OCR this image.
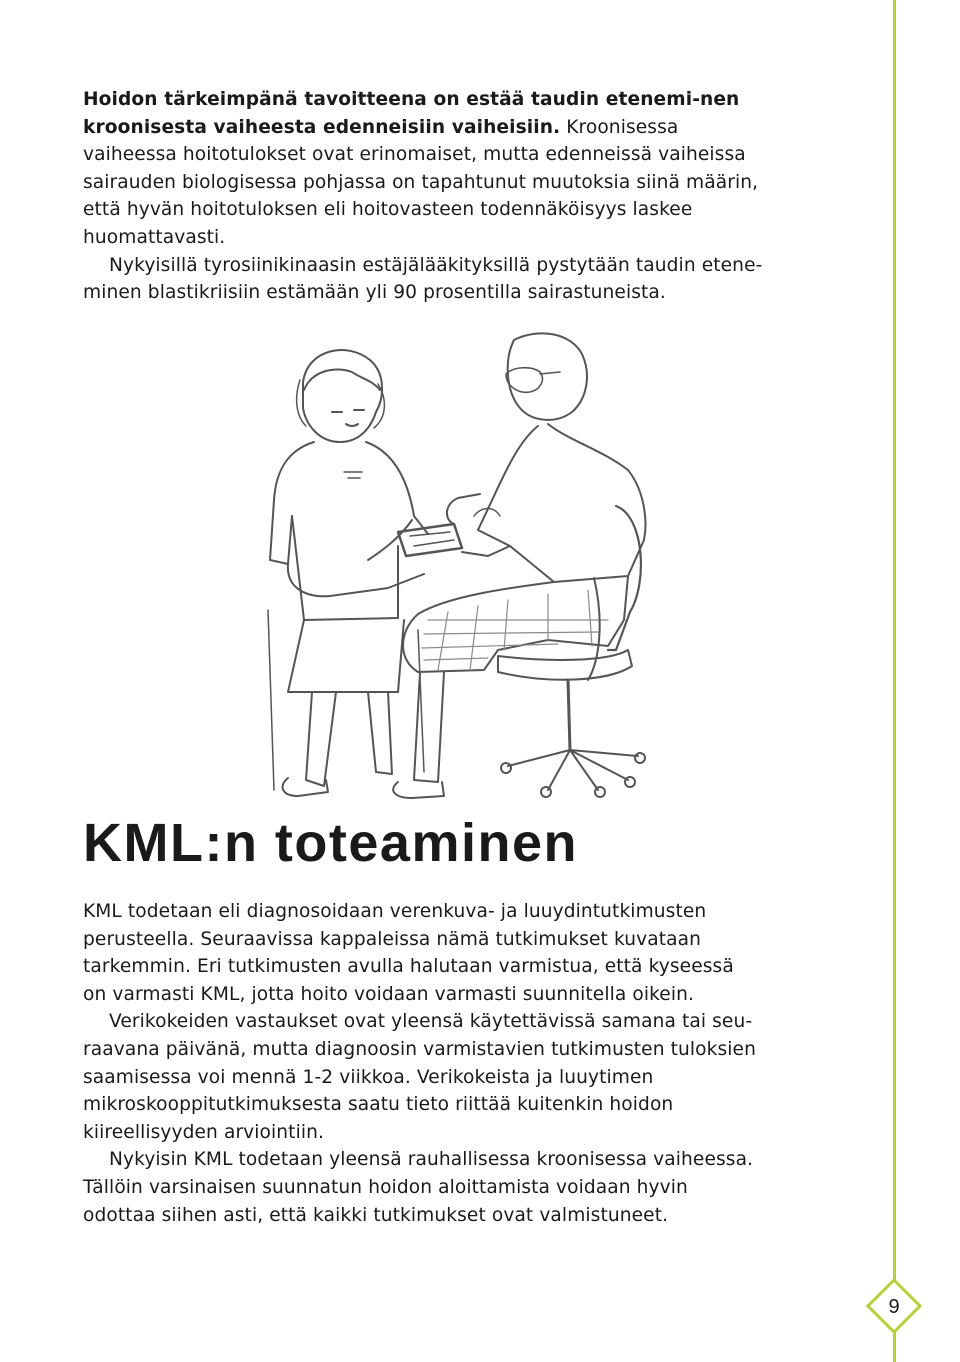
Hoidon tärkeimpänä tavoitteena on estää taudin etenemi-nen kroonisesta vaiheesta edenneisiin vaiheisiin. Kroonisessa vaiheessa hoitotulokset ovat erinomaiset, mutta edenneissä vaiheissa sairauden biologisessa pohjassa on tapahtunut muutoksia siinä määrin, että hyvän hoitotuloksen eli hoitovasteen todennäköisyys laskee huomattavasti.

Nykyisillä tyrosiinikinaasin estäjälääkityksillä pystytään taudin eteneminen blastikriisiin estämään yli 90 prosentilla sairastuneista.

KML:n toteaminen

KML todetaan eli diagnosoidaan verenkuva- ja luuydintutkimusten perusteella. Seuraavissa kappaleissa nämä tutkimukset kuvataan tarkemmin. Eri tutkimusten avulla halutaan varmistua, että kyseessä on varmasti KML, jotta hoito voidaan varmasti suunnitella oikein.

Verikokeiden vastaukset ovat yleensä käytettävissä samana tai seuraavana päivänä, mutta diagnoosin varmistavien tutkimusten tuloksien saamisessa voi mennä 1-2 viikkoa. Verikokeista ja luuytimen mikroskooppitutkimuksesta saatu tieto riittää kuitenkin hoidon kiireellisyyden arviointiin.

Nykyisin KML todetaan yleensä rauhallisessa kroonisessa vaiheessa. Tällöin varsinaisen suunnatun hoidon aloittamista voidaan hyvin odottaa siihen asti, että kaikki tutkimukset ovat valmistuneet.

9
